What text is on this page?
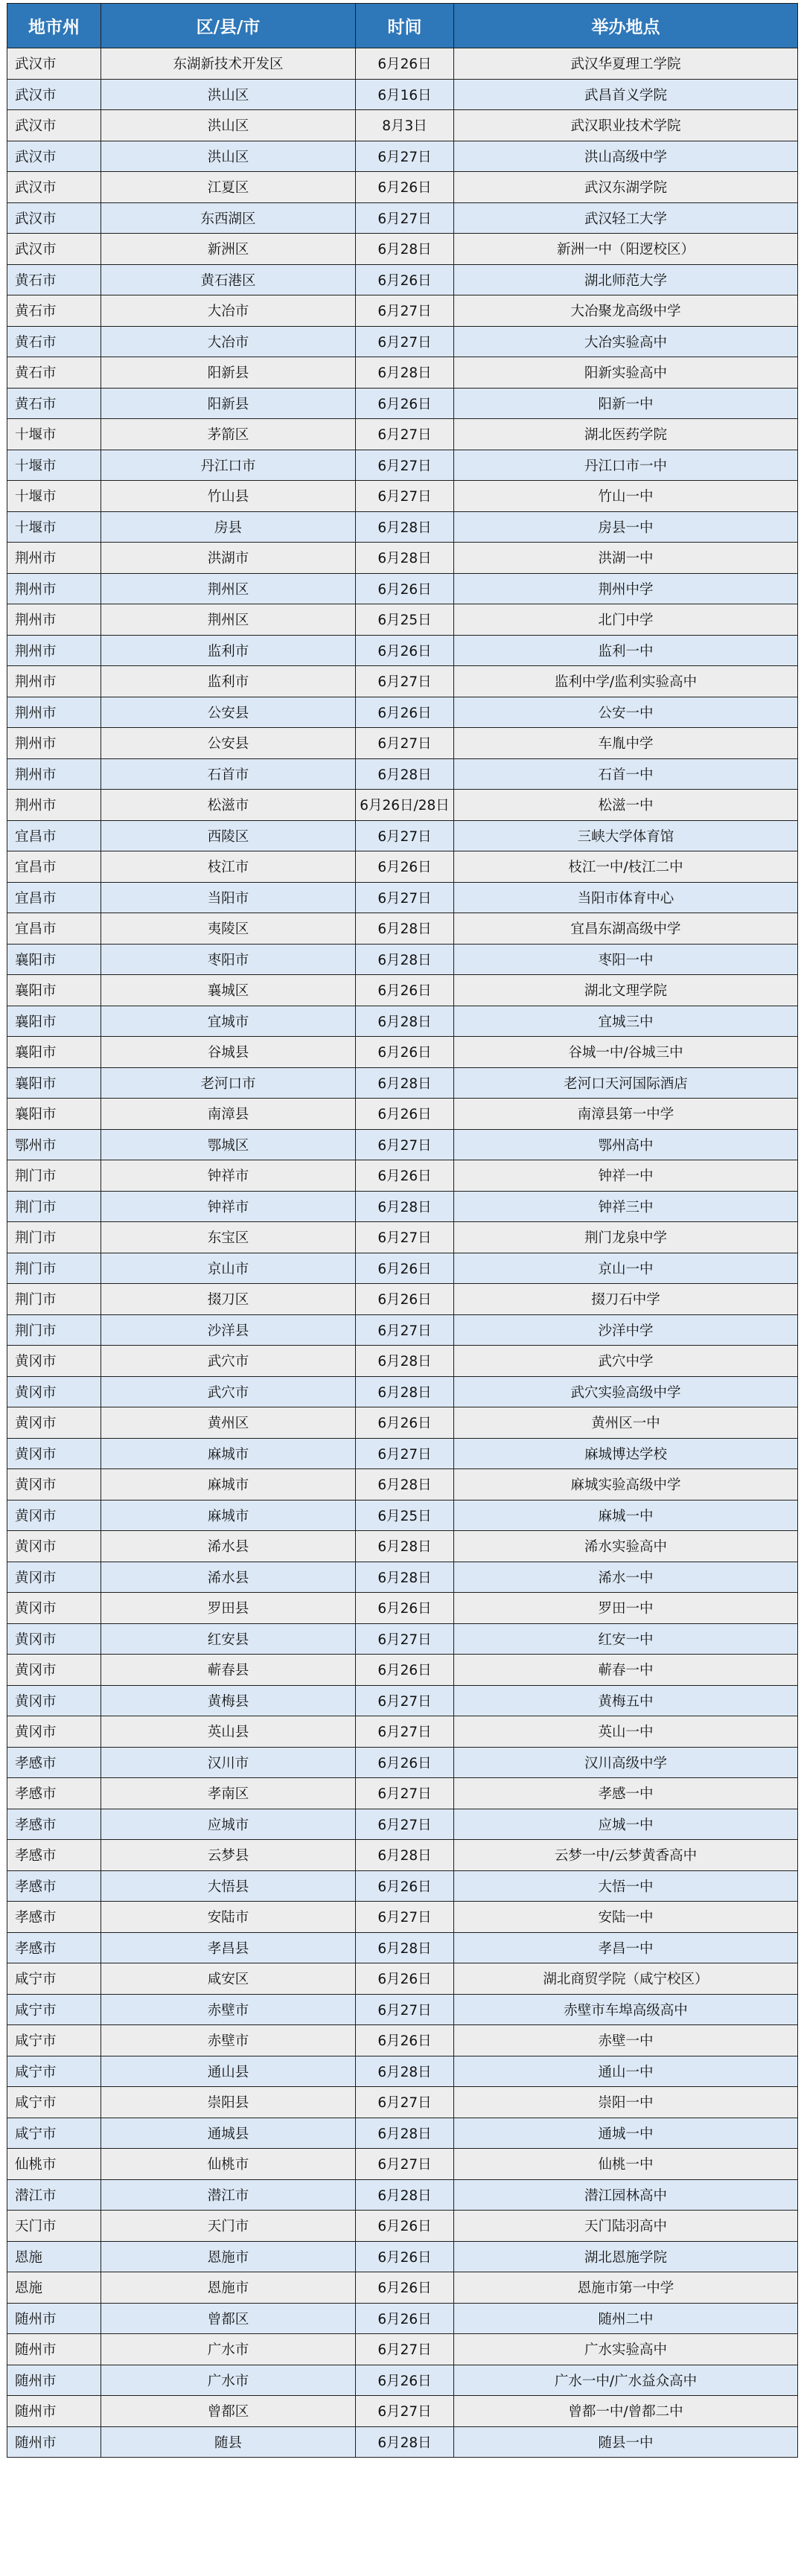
地市州	区/县/市	时间	举办地点
武汉市	东湖新技术开发区	6月26日	武汉华夏理工学院
武汉市	洪山区	6月16日	武昌首义学院
武汉市	洪山区	8月3日	武汉职业技术学院
武汉市	洪山区	6月27日	洪山高级中学
武汉市	江夏区	6月26日	武汉东湖学院
武汉市	东西湖区	6月27日	武汉轻工大学
武汉市	新洲区	6月28日	新洲一中（阳逻校区）
黄石市	黄石港区	6月26日	湖北师范大学
黄石市	大冶市	6月27日	大冶聚龙高级中学
黄石市	大冶市	6月27日	大冶实验高中
黄石市	阳新县	6月28日	阳新实验高中
黄石市	阳新县	6月26日	阳新一中
十堰市	茅箭区	6月27日	湖北医药学院
十堰市	丹江口市	6月27日	丹江口市一中
十堰市	竹山县	6月27日	竹山一中
十堰市	房县	6月28日	房县一中
荆州市	洪湖市	6月28日	洪湖一中
荆州市	荆州区	6月26日	荆州中学
荆州市	荆州区	6月25日	北门中学
荆州市	监利市	6月26日	监利一中
荆州市	监利市	6月27日	监利中学/监利实验高中
荆州市	公安县	6月26日	公安一中
荆州市	公安县	6月27日	车胤中学
荆州市	石首市	6月28日	石首一中
荆州市	松滋市	6月26日/28日	松滋一中
宜昌市	西陵区	6月27日	三峡大学体育馆
宜昌市	枝江市	6月26日	枝江一中/枝江二中
宜昌市	当阳市	6月27日	当阳市体育中心
宜昌市	夷陵区	6月28日	宜昌东湖高级中学
襄阳市	枣阳市	6月28日	枣阳一中
襄阳市	襄城区	6月26日	湖北文理学院
襄阳市	宜城市	6月28日	宜城三中
襄阳市	谷城县	6月26日	谷城一中/谷城三中
襄阳市	老河口市	6月28日	老河口天河国际酒店
襄阳市	南漳县	6月26日	南漳县第一中学
鄂州市	鄂城区	6月27日	鄂州高中
荆门市	钟祥市	6月26日	钟祥一中
荆门市	钟祥市	6月28日	钟祥三中
荆门市	东宝区	6月27日	荆门龙泉中学
荆门市	京山市	6月26日	京山一中
荆门市	掇刀区	6月26日	掇刀石中学
荆门市	沙洋县	6月27日	沙洋中学
黄冈市	武穴市	6月28日	武穴中学
黄冈市	武穴市	6月28日	武穴实验高级中学
黄冈市	黄州区	6月26日	黄州区一中
黄冈市	麻城市	6月27日	麻城博达学校
黄冈市	麻城市	6月28日	麻城实验高级中学
黄冈市	麻城市	6月25日	麻城一中
黄冈市	浠水县	6月28日	浠水实验高中
黄冈市	浠水县	6月28日	浠水一中
黄冈市	罗田县	6月26日	罗田一中
黄冈市	红安县	6月27日	红安一中
黄冈市	蕲春县	6月26日	蕲春一中
黄冈市	黄梅县	6月27日	黄梅五中
黄冈市	英山县	6月27日	英山一中
孝感市	汉川市	6月26日	汉川高级中学
孝感市	孝南区	6月27日	孝感一中
孝感市	应城市	6月27日	应城一中
孝感市	云梦县	6月28日	云梦一中/云梦黄香高中
孝感市	大悟县	6月26日	大悟一中
孝感市	安陆市	6月27日	安陆一中
孝感市	孝昌县	6月28日	孝昌一中
咸宁市	咸安区	6月26日	湖北商贸学院（咸宁校区）
咸宁市	赤壁市	6月27日	赤壁市车埠高级高中
咸宁市	赤壁市	6月26日	赤壁一中
咸宁市	通山县	6月28日	通山一中
咸宁市	崇阳县	6月27日	崇阳一中
咸宁市	通城县	6月28日	通城一中
仙桃市	仙桃市	6月27日	仙桃一中
潜江市	潜江市	6月28日	潜江园林高中
天门市	天门市	6月26日	天门陆羽高中
恩施	恩施市	6月26日	湖北恩施学院
恩施	恩施市	6月26日	恩施市第一中学
随州市	曾都区	6月26日	随州二中
随州市	广水市	6月27日	广水实验高中
随州市	广水市	6月26日	广水一中/广水益众高中
随州市	曾都区	6月27日	曾都一中/曾都二中
随州市	随县	6月28日	随县一中
